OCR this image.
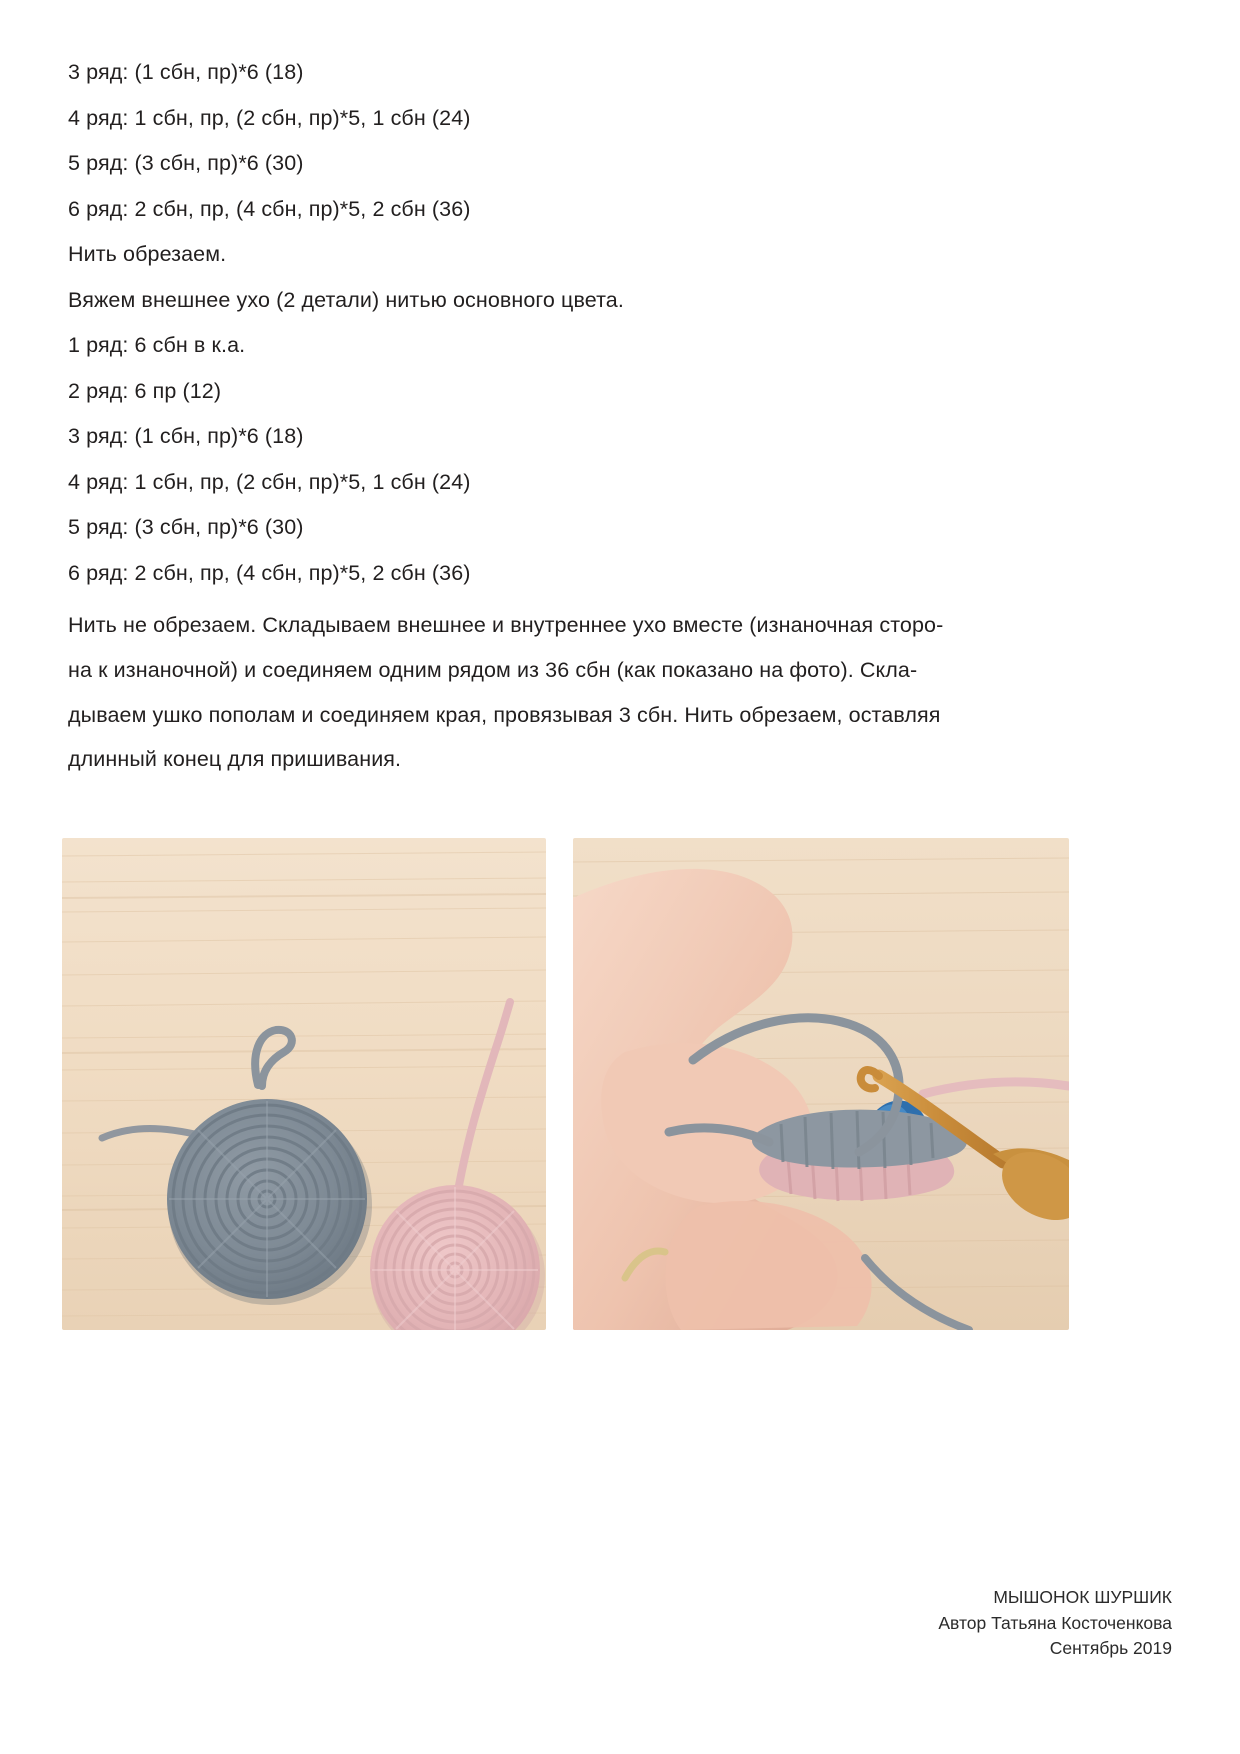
3 ряд: (1 сбн, пр)*6 (18)

4 ряд: 1 сбн, пр, (2 сбн, пр)*5, 1 сбн (24)

5 ряд: (3 сбн, пр)*6 (30)

6 ряд: 2 сбн, пр, (4 сбн, пр)*5, 2 сбн (36)

Нить обрезаем.

Вяжем внешнее ухо (2 детали) нитью основного цвета.

1 ряд: 6 сбн в к.а.

2 ряд: 6 пр (12)

3 ряд: (1 сбн, пр)*6 (18)

4 ряд: 1 сбн, пр, (2 сбн, пр)*5, 1 сбн (24)

5 ряд: (3 сбн, пр)*6 (30)

6 ряд: 2 сбн, пр, (4 сбн, пр)*5, 2 сбн (36)

Нить не обрезаем. Складываем внешнее и внутреннее ухо вместе (изнаночная сторо-

на к изнаночной) и соединяем одним рядом из 36 сбн (как показано на фото). Скла-

дываем ушко пополам и соединяем края, провязывая 3 сбн. Нить обрезаем, оставляя

длинный конец для пришивания.

МЫШОНОК ШУРШИК
Автор Татьяна Косточенкова
Сентябрь 2019
